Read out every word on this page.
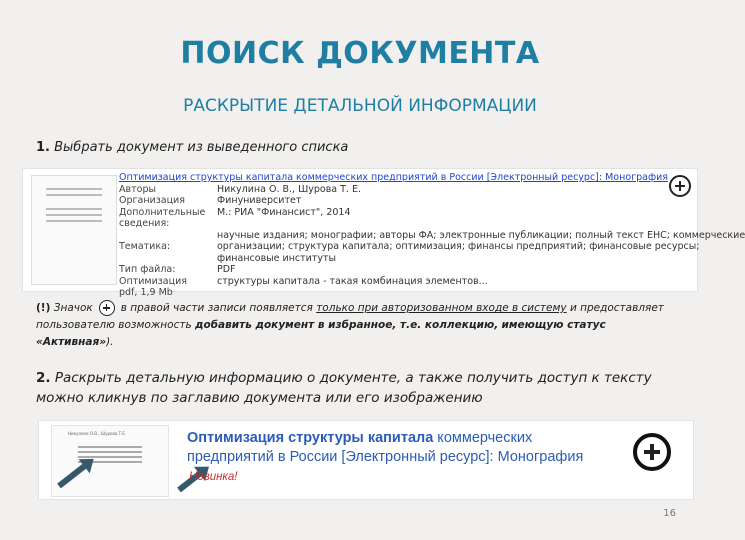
ПОИСК ДОКУМЕНТА
РАСКРЫТИЕ ДЕТАЛЬНОЙ ИНФОРМАЦИИ
1. Выбрать документ из выведенного списка
Оптимизация структуры капитала коммерческих предприятий в России [Электронный ресурс]: Монография
Авторы	Никулина О. В., Шурова Т. Е.
Организация	Финуниверситет
Дополнительные	М.: РИА "Финансист", 2014
сведения:
научные издания; монографии; авторы ФА; электронные публикации; полный текст ЕНС; коммерческие
Тематика:	организации; структура капитала; оптимизация; финансы предприятий; финансовые ресурсы;
финансовые институты
Тип файла:	PDF
Оптимизация	структуры капитала - такая комбинация элементов...
pdf, 1,9 Mb
(!) Значок	в правой части записи появляется только при авторизованном входе в систему и предоставляет пользователю возможность добавить документ в избранное, т.е. коллекцию, имеющую статус «Активная»).
2. Раскрыть детальную информацию о документе, а также получить доступ к тексту можно кликнув по заглавию документа или его изображению
Никулина О.В., Шурова Т.Е.	Оптимизация структуры капитала коммерческих предприятий в России [Электронный ресурс]: Монография
Новинка!
16
